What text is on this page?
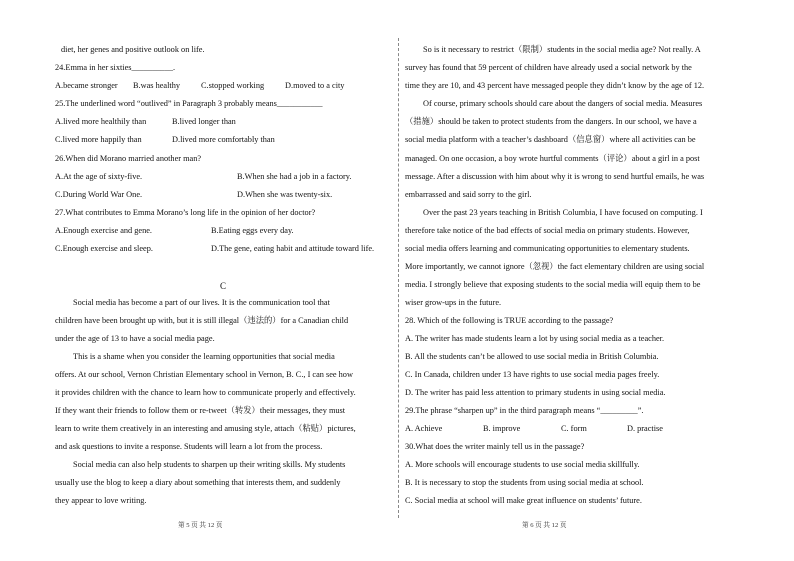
diet, her genes and positive outlook on life.
24.Emma in her sixties__________.
A.became stronger B.was healthy	C.stopped working	D.moved to a city
25.The underlined word “outlived” in Paragraph 3 probably means___________
A.lived more healthily than	B.lived longer than
C.lived more happily than	D.lived more comfortably than
26.When did Morano married another man?
A.At the age of sixty-five.	B.When she had a job in a factory.
C.During World War One.	D.When she was twenty-six.
27.What contributes to Emma Morano’s long life in the opinion of her doctor?
A.Enough exercise and gene.	B.Eating eggs every day.
C.Enough exercise and sleep.	D.The gene, eating habit and attitude toward life.
C
Social media has become a part of our lives. It is the communication tool that
children have been brought up with, but it is still illegal（违法的）for a Canadian child
under the age of 13 to have a social media page.
This is a shame when you consider the learning opportunities that social media
offers. At our school, Vernon Christian Elementary school in Vernon, B. C., I can see how
it provides children with the chance to learn how to communicate properly and effectively.
If they want their friends to follow them or re-tweet（转发）their messages, they must
learn to write them creatively in an interesting and amusing style, attach（粘贴）pictures,
and ask questions to invite a response. Students will learn a lot from the process.
Social media can also help students to sharpen up their writing skills. My students
usually use the blog to keep a diary about something that interests them, and suddenly
they appear to love writing.
第 5 页 共 12 页
So is it necessary to restrict（限制）students in the social media age? Not really. A
survey has found that 59 percent of children have already used a social network by the
time they are 10, and 43 percent have messaged people they didn’t know by the age of 12.
Of course, primary schools should care about the dangers of social media. Measures
（措施）should be taken to protect students from the dangers. In our school, we have a
social media platform with a teacher’s dashboard（信息窗）where all activities can be
managed. On one occasion, a boy wrote hurtful comments（评论）about a girl in a post
message. After a discussion with him about why it is wrong to send hurtful emails, he was
embarrassed and said sorry to the girl.
Over the past 23 years teaching in British Columbia, I have focused on computing. I
therefore take notice of the bad effects of social media on primary students. However,
social media offers learning and communicating opportunities to elementary students.
More importantly, we cannot ignore（忽视）the fact elementary children are using social
media. I strongly believe that exposing students to the social media will equip them to be
wiser grow-ups in the future.
28. Which of the following is TRUE according to the passage?
A. The writer has made students learn a lot by using social media as a teacher.
B. All the students can’t be allowed to use social media in British Columbia.
C. In Canada, children under 13 have rights to use social media pages freely.
D. The writer has paid less attention to primary students in using social media.
29.The phrase “sharpen up” in the third paragraph means “_________”.
A. Achieve	B. improve	C. form	D. practise
30.What does the writer mainly tell us in the passage?
A. More schools will encourage students to use social media skillfully.
B. It is necessary to stop the students from using social media at school.
C. Social media at school will make great influence on students’ future.
第 6 页 共 12 页
